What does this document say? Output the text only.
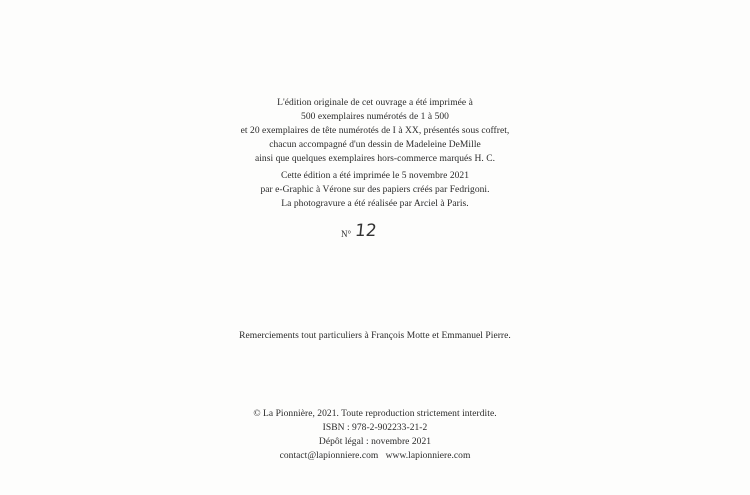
L'édition originale de cet ouvrage a été imprimée à
500 exemplaires numérotés de 1 à 500
et 20 exemplaires de tête numérotés de I à XX, présentés sous coffret,
chacun accompagné d'un dessin de Madeleine DeMille
ainsi que quelques exemplaires hors-commerce marqués H. C.
Cette édition a été imprimée le 5 novembre 2021
par e-Graphic à Vérone sur des papiers créés par Fedrigoni.
La photogravure a été réalisée par Arciel à Paris.
N° 12
Remerciements tout particuliers à François Motte et Emmanuel Pierre.
© La Pionnière, 2021. Toute reproduction strictement interdite.
ISBN : 978-2-902233-21-2
Dépôt légal : novembre 2021
contact@lapionniere.com   www.lapionniere.com
